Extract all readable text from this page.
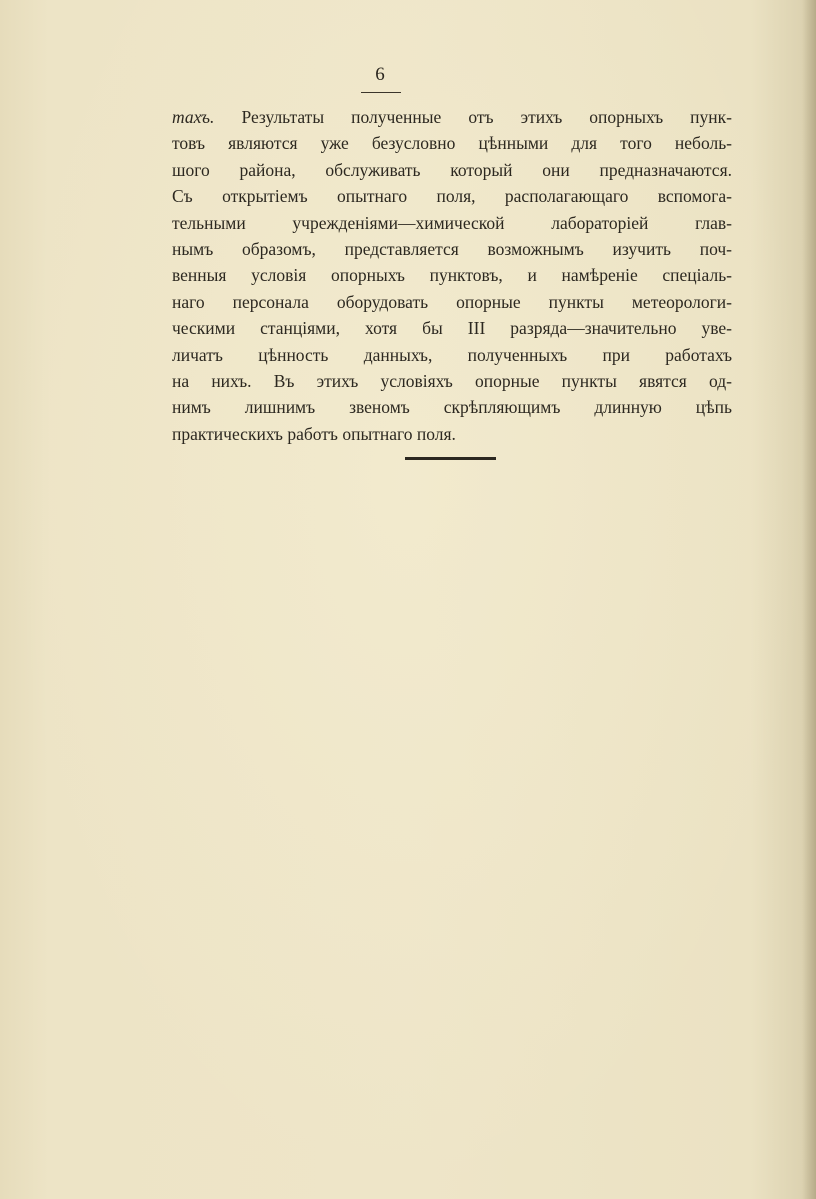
6
тахъ. Результаты полученные отъ этихъ опорныхъ пунк-
товъ являются уже безусловно цѣнными для того неболь-
шого района, обслуживать который они предназначаются.
Съ открытіемъ опытнаго поля, располагающаго вспомога-
тельными учрежденіями—химической лабораторіей глав-
нымъ образомъ, представляется возможнымъ изучить поч-
венныя условія опорныхъ пунктовъ, и намѣреніе спеціаль-
наго персонала оборудовать опорные пункты метеорологи-
ческими станціями, хотя бы III разряда—значительно уве-
личатъ цѣнность данныхъ, полученныхъ при работахъ
на нихъ. Въ этихъ условіяхъ опорные пункты явятся од-
нимъ лишнимъ звеномъ скрѣпляющимъ длинную цѣпь
практическихъ работъ опытнаго поля.
